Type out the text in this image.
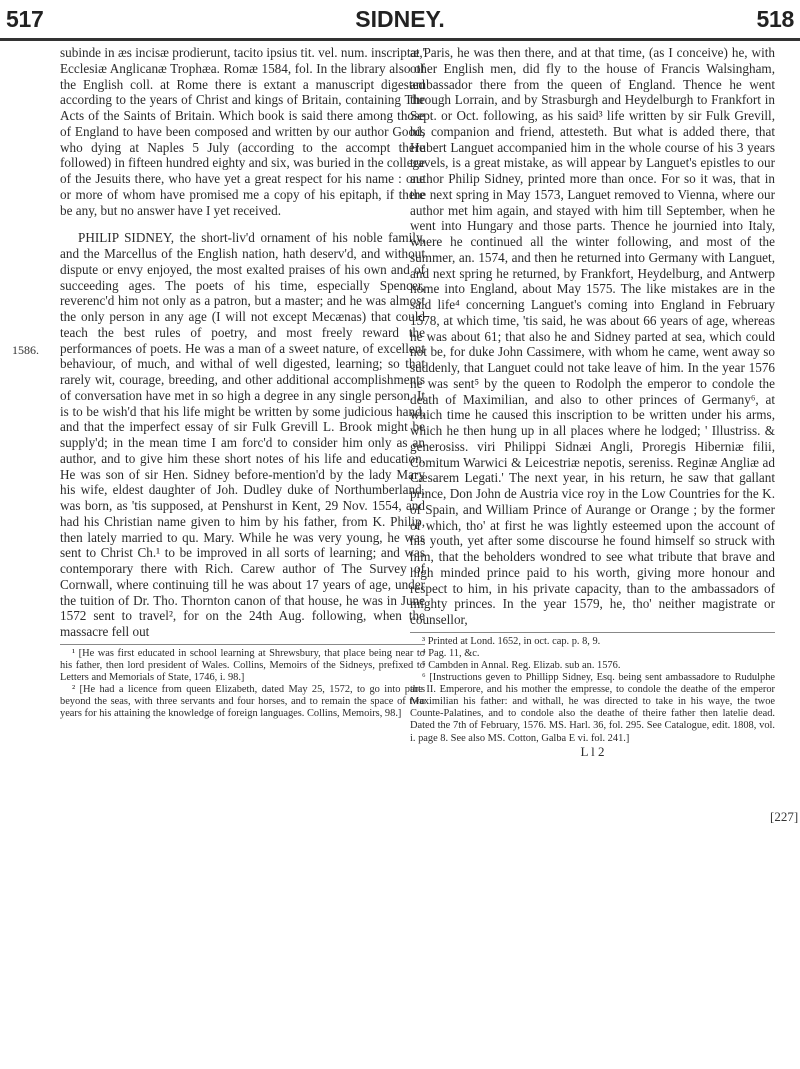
517	SIDNEY.	518
1586.
[227]

subinde in æs incisæ prodierunt, tacito ipsius tit. vel. num. inscriptæ,' Ecclesiæ Anglicanæ Trophæa. Romæ 1584, fol. In the library also of the English coll. at Rome there is extant a manuscript digested according to the years of Christ and kings of Britain, containing The Acts of the Saints of Britain. Which book is said there among those of England to have been composed and written by our author Good, who dying at Naples 5 July (according to the accompt there followed) in fifteen hundred eighty and six, was buried in the college of the Jesuits there, who have yet a great respect for his name : one or more of whom have promised me a copy of his epitaph, if there be any, but no answer have I yet received.

PHILIP SIDNEY, the short-liv'd ornament of his noble family, and the Marcellus of the English nation, hath deserv'd, and without dispute or envy enjoyed, the most exalted praises of his own and of succeeding ages. The poets of his time, especially Spencer, reverenc'd him not only as a patron, but a master; and he was almost the only person in any age (I will not except Mecænas) that could teach the best rules of poetry, and most freely reward the performances of poets. He was a man of a sweet nature, of excellent behaviour, of much, and withal of well digested, learning; so that rarely wit, courage, breeding, and other additional accomplishments of conversation have met in so high a degree in any single person. It is to be wish'd that his life might be written by some judicious hand, and that the imperfect essay of sir Fulk Grevill L. Brook might be supply'd; in the mean time I am forc'd to consider him only as an author, and to give him these short notes of his life and education. He was son of sir Hen. Sidney before-mention'd by the lady Mary his wife, eldest daughter of Joh. Dudley duke of Northumberland, was born, as 'tis supposed, at Penshurst in Kent, 29 Nov. 1554, and had his Christian name given to him by his father, from K. Philip, then lately married to qu. Mary. While he was very young, he was sent to Christ Ch.¹ to be improved in all sorts of learning; and was contemporary there with Rich. Carew author of The Survey of Cornwall, where continuing till he was about 17 years of age, under the tuition of Dr. Tho. Thornton canon of that house, he was in June 1572 sent to travel², for on the 24th Aug. following, when the massacre fell out

¹ [He was first educated in school learning at Shrewsbury, that place being near to his father, then lord president of Wales. Collins, Memoirs of the Sidneys, prefixed to Letters and Memorials of State, 1746, i. 98.]

² [He had a licence from queen Elizabeth, dated May 25, 1572, to go into parts beyond the seas, with three servants and four horses, and to remain the space of two years for his attaining the knowledge of foreign languages. Collins, Memoirs, 98.]

at Paris, he was then there, and at that time, (as I conceive) he, with other English men, did fly to the house of Francis Walsingham, ambassador there from the queen of England. Thence he went through Lorrain, and by Strasburgh and Heydelburgh to Frankfort in Sept. or Oct. following, as his said³ life written by sir Fulk Grevill, his companion and friend, attesteth. But what is added there, that Hubert Languet accompanied him in the whole course of his 3 years travels, is a great mistake, as will appear by Languet's epistles to our author Philip Sidney, printed more than once. For so it was, that in the next spring in May 1573, Languet removed to Vienna, where our author met him again, and stayed with him till September, when he went into Hungary and those parts. Thence he journied into Italy, where he continued all the winter following, and most of the summer, an. 1574, and then he returned into Germany with Languet, and next spring he returned, by Frankfort, Heydelburg, and Antwerp home into England, about May 1575. The like mistakes are in the said life⁴ concerning Languet's coming into England in February 1578, at which time, 'tis said, he was about 66 years of age, whereas he was about 61; that also he and Sidney parted at sea, which could not be, for duke John Cassimere, with whom he came, went away so suddenly, that Languet could not take leave of him. In the year 1576 he was sent⁵ by the queen to Rodolph the emperor to condole the death of Maximilian, and also to other princes of Germany⁶, at which time he caused this inscription to be written under his arms, which he then hung up in all places where he lodged; ' Illustriss. & generosiss. viri Philippi Sidnæi Angli, Proregis Hiberniæ filii, Comitum Warwici & Leicestriæ nepotis, sereniss. Reginæ Angliæ ad Cæsarem Legati.' The next year, in his return, he saw that gallant prince, Don John de Austria vice roy in the Low Countries for the K. of Spain, and William Prince of Aurange or Orange ; by the former of which, tho' at first he was lightly esteemed upon the account of his youth, yet after some discourse he found himself so struck with him, that the beholders wondred to see what tribute that brave and high minded prince paid to his worth, giving more honour and respect to him, in his private capacity, than to the ambassadors of mighty princes. In the year 1579, he, tho' neither magistrate or counsellor,

³ Printed at Lond. 1652, in oct. cap. p. 8, 9.

⁴ Pag. 11, &c.

⁵ Cambden in Annal. Reg. Elizab. sub an. 1576.

⁶ [Instructions geven to Phillipp Sidney, Esq. being sent ambassadore to Rudulphe the II. Emperore, and his mother the empresse, to condole the deathe of the emperor Maximilian his father: and withall, he was directed to take in his waye, the twoe Counte-Palatines, and to condole also the deathe of theire father then latelie dead. Dated the 7th of February, 1576. MS. Harl. 36, fol. 295. See Catalogue, edit. 1808, vol. i. page 8. See also MS. Cotton, Galba E vi. fol. 241.]

L l 2
